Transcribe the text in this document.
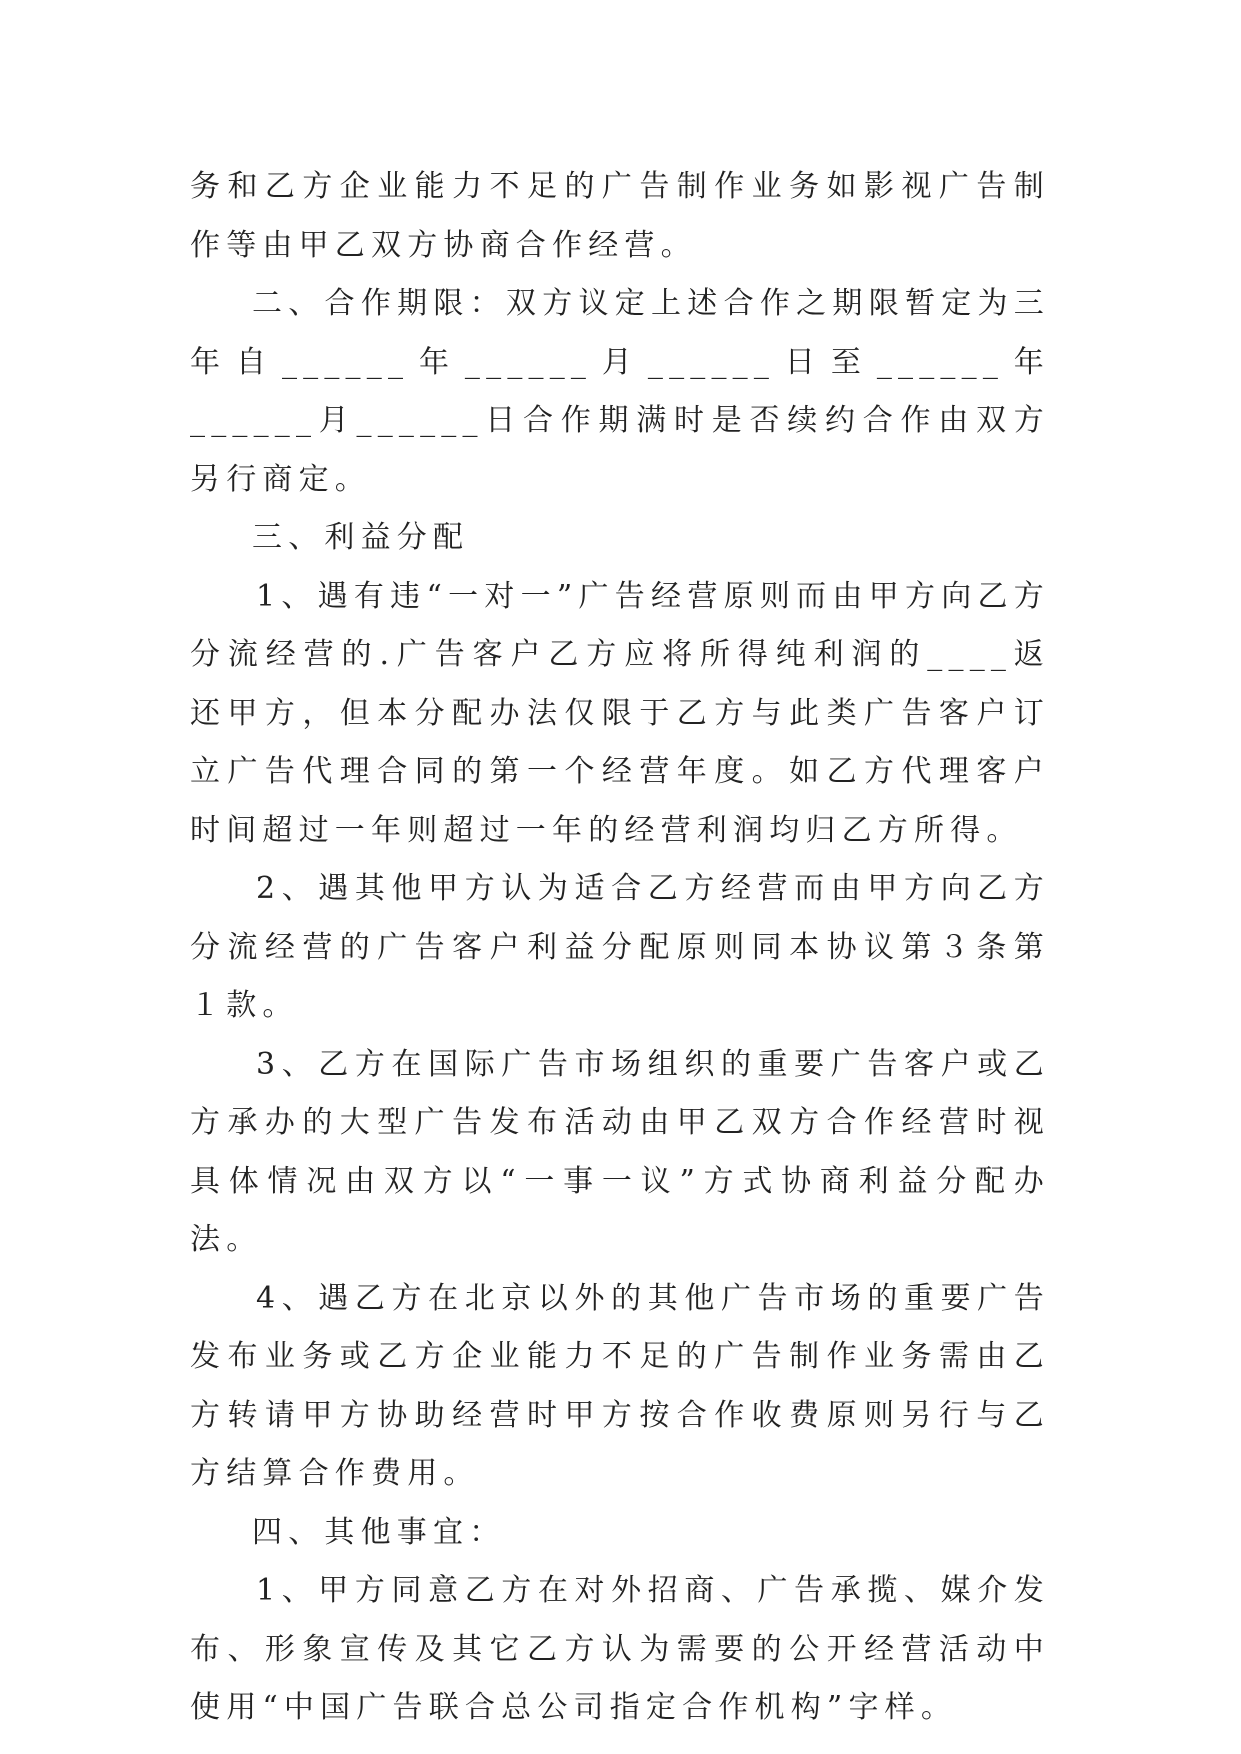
务和乙方企业能力不足的广告制作业务如影视广告制作等由甲乙双方协商合作经营。

二、合作期限：双方议定上述合作之期限暂定为三年自______年______月______日至______年______月______日合作期满时是否续约合作由双方另行商定。

三、利益分配

1、遇有违“一对一”广告经营原则而由甲方向乙方分流经营的.广告客户乙方应将所得纯利润的____返还甲方，但本分配办法仅限于乙方与此类广告客户订立广告代理合同的第一个经营年度。如乙方代理客户时间超过一年则超过一年的经营利润均归乙方所得。

2、遇其他甲方认为适合乙方经营而由甲方向乙方分流经营的广告客户利益分配原则同本协议第３条第１款。

3、乙方在国际广告市场组织的重要广告客户或乙方承办的大型广告发布活动由甲乙双方合作经营时视具体情况由双方以“一事一议”方式协商利益分配办法。

4、遇乙方在北京以外的其他广告市场的重要广告发布业务或乙方企业能力不足的广告制作业务需由乙方转请甲方协助经营时甲方按合作收费原则另行与乙方结算合作费用。

四、其他事宜：

1、甲方同意乙方在对外招商、广告承揽、媒介发布、形象宣传及其它乙方认为需要的公开经营活动中使用“中国广告联合总公司指定合作机构”字样。
